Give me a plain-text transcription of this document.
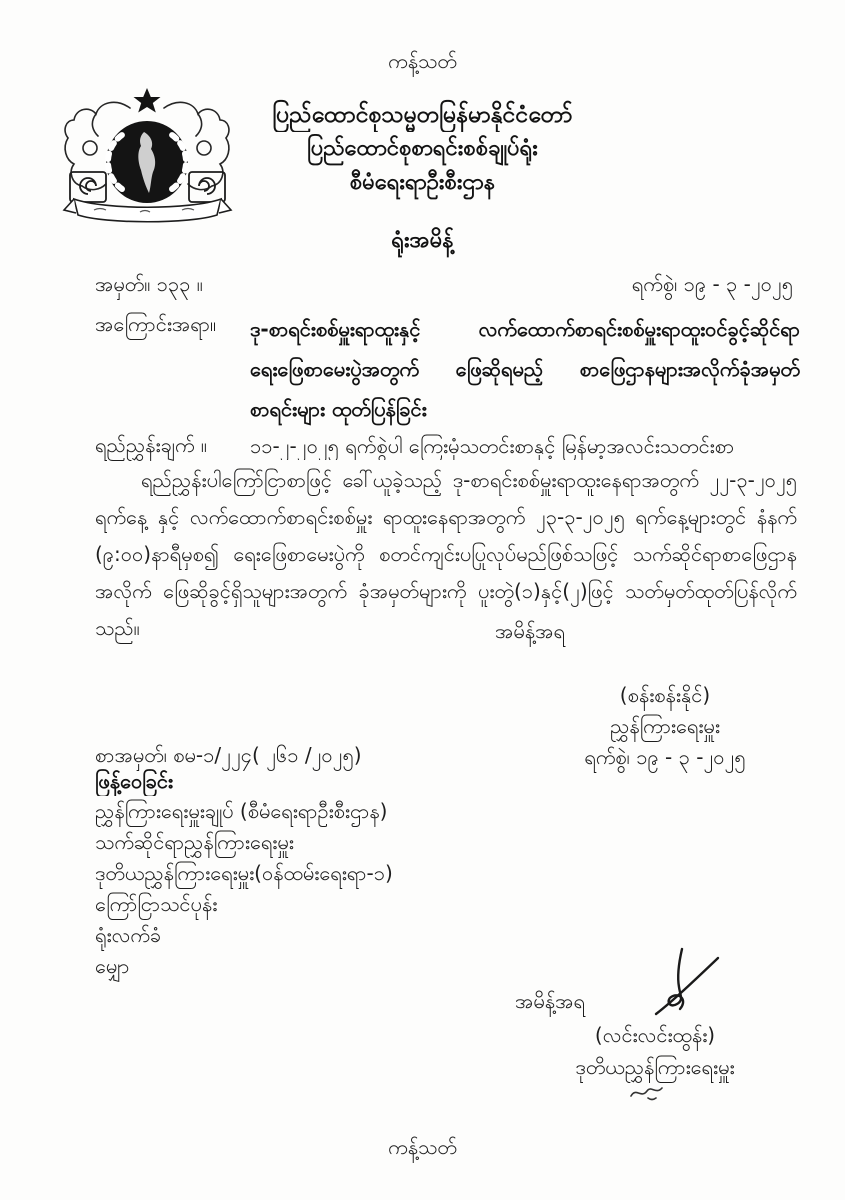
ကန့်သတ်
ပြည်ထောင်စုသမ္မတမြန်မာနိုင်ငံတော်
ပြည်ထောင်စုစာရင်းစစ်ချုပ်ရုံး
စီမံရေးရာဦးစီးဌာန
ရုံးအမိန့်
အမှတ်။ ၁၃၃ ။	ရက်စွဲ၊ ၁၉ - ၃ -၂၀၂၅
အကြောင်းအရာ။ ဒု-စာရင်းစစ်မှူးရာထူးနှင့် လက်ထောက်စာရင်းစစ်မှူးရာထူးဝင်ခွင့်ဆိုင်ရာ
ရေးဖြေစာမေးပွဲအတွက် ဖြေဆိုရမည့် စာဖြေဌာနများအလိုက်ခုံအမှတ်
စာရင်းများ ထုတ်ပြန်ခြင်း
ရည်ညွှန်းချက် ။ ၁၁-၂-၂၀၂၅ ရက်စွဲပါ ကြေးမုံသတင်းစာနှင့် မြန်မာ့အလင်းသတင်းစာ
ရည်ညွှန်းပါကြော်ငြာစာဖြင့် ခေါ်ယူခဲ့သည့် ဒု-စာရင်းစစ်မှူးရာထူးနေရာအတွက် ၂၂-၃-၂၀၂၅
ရက်နေ့ နှင့် လက်ထောက်စာရင်းစစ်မှူး ရာထူးနေရာအတွက် ၂၃-၃-၂၀၂၅ ရက်နေ့များတွင် နံနက်
(၉:၀၀)နာရီမှစ၍ ရေးဖြေစာမေးပွဲကို စတင်ကျင်းပပြုလုပ်မည်ဖြစ်သဖြင့် သက်ဆိုင်ရာစာဖြေဌာန
အလိုက် ဖြေဆိုခွင့်ရှိသူများအတွက် ခုံအမှတ်များကို ပူးတွဲ(၁)နှင့်(၂)ဖြင့် သတ်မှတ်ထုတ်ပြန်လိုက်
သည်။	အမိန့်အရ
(စန်းစန်းနိုင်)
ညွှန်ကြားရေးမှူး
ရက်စွဲ၊ ၁၉ - ၃ -၂၀၂၅
စာအမှတ်၊ စမ-၁/၂၂၄( ၂၆၁ /၂၀၂၅)
ဖြန့်ဝေခြင်း
ညွှန်ကြားရေးမှူးချုပ် (စီမံရေးရာဦးစီးဌာန)
သက်ဆိုင်ရာညွှန်ကြားရေးမှူး
ဒုတိယညွှန်ကြားရေးမှူး(ဝန်ထမ်းရေးရာ-၁)
ကြော်ငြာသင်ပုန်း
ရုံးလက်ခံ
မျှော
အမိန့်အရ
(လင်းလင်းထွန်း)
ဒုတိယညွှန်ကြားရေးမှူး
ကန့်သတ်
